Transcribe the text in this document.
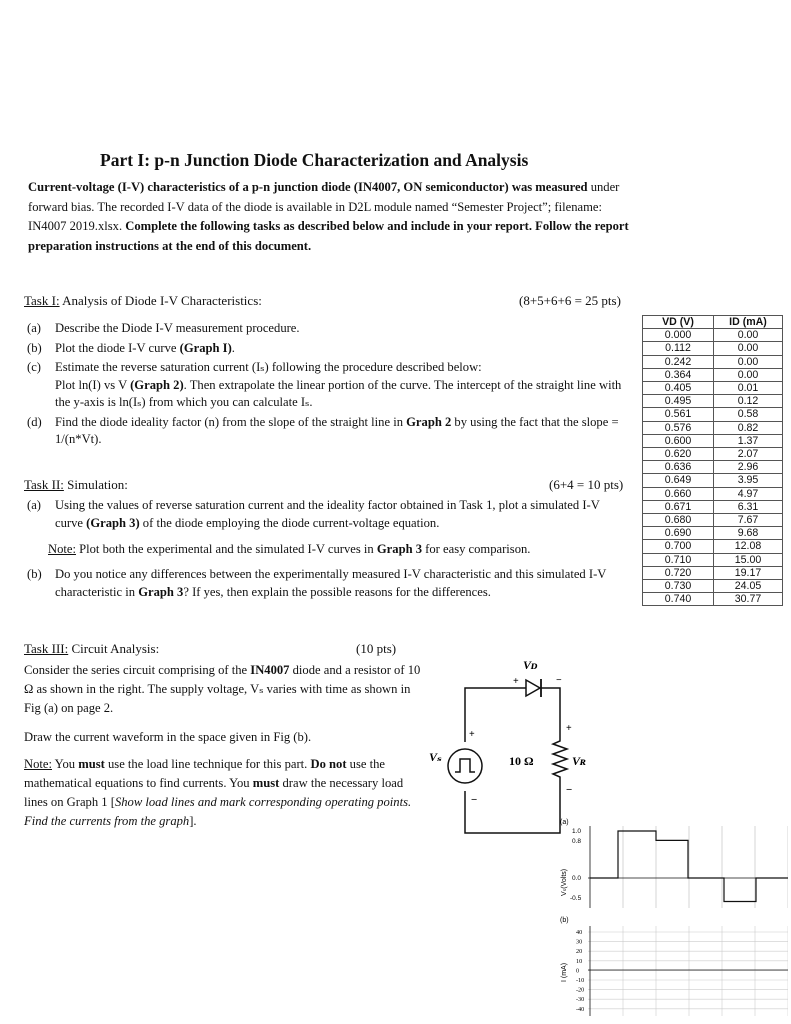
Part I: p-n Junction Diode Characterization and Analysis
Current-voltage (I-V) characteristics of a p-n junction diode (IN4007, ON semiconductor) was measured under forward bias. The recorded I-V data of the diode is available in D2L module named “Semester Project”; filename: IN4007 2019.xlsx. Complete the following tasks as described below and include in your report. Follow the report preparation instructions at the end of this document.
Task I: Analysis of Diode I-V Characteristics:	(8+5+6+6 = 25 pts)
(a)	Describe the Diode I-V measurement procedure.
(b)	Plot the diode I-V curve (Graph I).
(c)	Estimate the reverse saturation current (Iₛ) following the procedure described below:
Plot ln(I) vs V (Graph 2). Then extrapolate the linear portion of the curve. The intercept of the straight line with the y-axis is ln(Iₛ) from which you can calculate Iₛ.
(d)	Find the diode ideality factor (n) from the slope of the straight line in Graph 2 by using the fact that the slope = 1/(n*Vt).
Task II: Simulation:	(6+4 = 10 pts)
(a)	Using the values of reverse saturation current and the ideality factor obtained in Task 1, plot a simulated I-V curve (Graph 3) of the diode employing the diode current-voltage equation.
Note: Plot both the experimental and the simulated I-V curves in Graph 3 for easy comparison.
(b)	Do you notice any differences between the experimentally measured I-V characteristic and this simulated I-V characteristic in Graph 3? If yes, then explain the possible reasons for the differences.
VD (V)	ID (mA)
0.000	0.00
0.112	0.00
0.242	0.00
0.364	0.00
0.405	0.01
0.495	0.12
0.561	0.58
0.576	0.82
0.600	1.37
0.620	2.07
0.636	2.96
0.649	3.95
0.660	4.97
0.671	6.31
0.680	7.67
0.690	9.68
0.700	12.08
0.710	15.00
0.720	19.17
0.730	24.05
0.740	30.77
Task III: Circuit Analysis:	(10 pts)
Consider the series circuit comprising of the IN4007 diode and a resistor of 10 Ω as shown in the right. The supply voltage, Vₛ varies with time as shown in Fig (a) on page 2.
Draw the current waveform in the space given in Fig (b).
Note: You must use the load line technique for this part. Do not use the mathematical equations to find currents. You must draw the necessary load lines on Graph 1 [Show load lines and mark corresponding operating points. Find the currents from the graph].
Vᴅ
+	−
+
−
Vₛ	10 Ω
+
−
Vʀ
(a)
1.0
0.8
0.0
-0.5
Vₛ(Volts)
(b)
40
30
20
10
0
-10
-20
-30
-40
I (mA)
